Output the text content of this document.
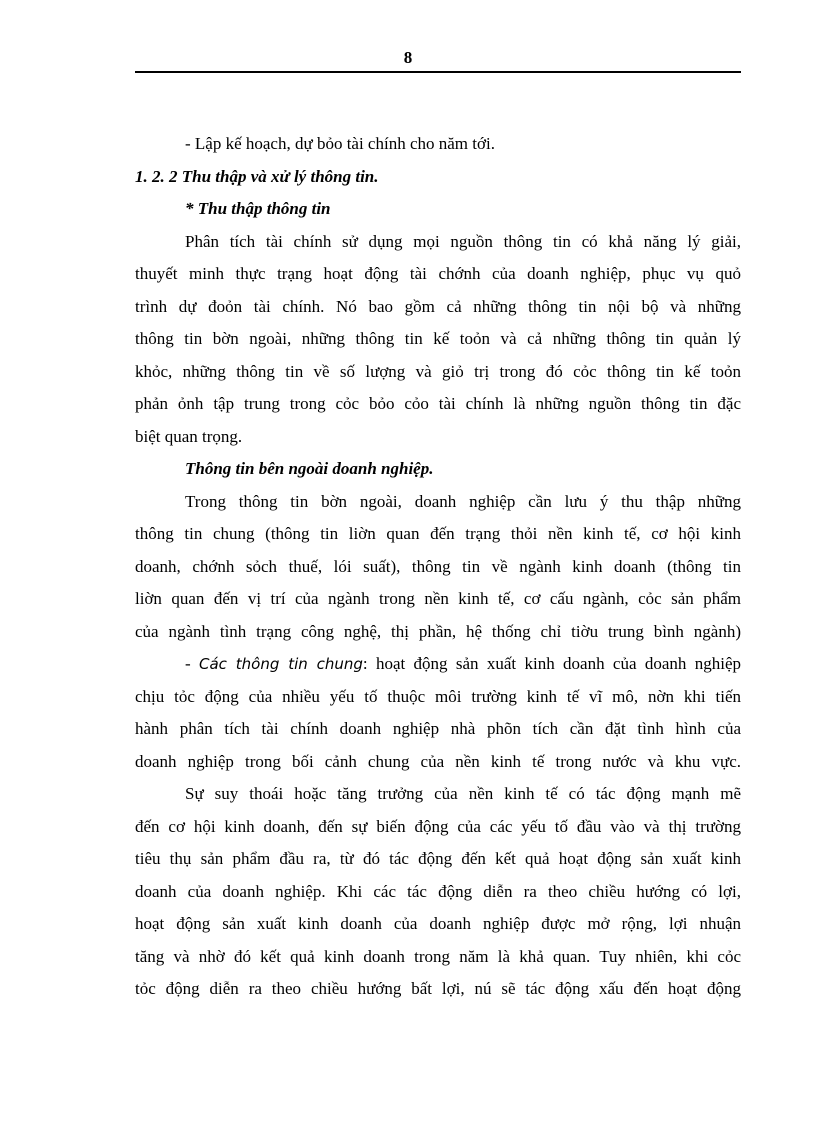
8
- Lập kế hoạch, dự bỏo tài chính cho năm tới.
1. 2. 2 Thu thập và xử lý thông tin.
* Thu thập thông tin
Phân tích tài chính sử dụng mọi nguồn thông tin có khả năng lý giải,
thuyết minh thực trạng hoạt động tài chớnh của doanh nghiệp, phục vụ quỏ
trình dự đoỏn tài chính. Nó bao gồm cả những thông tin nội bộ và những
thông tin bờn ngoài, những thông tin kế toỏn và cả những thông tin quản lý
khỏc, những thông tin về số lượng và giỏ trị trong đó cỏc thông tin kế toỏn
phản ỏnh tập trung trong cỏc bỏo cỏo tài chính là những nguồn thông tin đặc
biệt quan trọng.
Thông tin bên ngoài doanh nghiệp.
Trong thông tin bờn ngoài, doanh nghiệp cần lưu ý thu thập những
thông tin chung (thông tin liờn quan đến trạng thỏi nền kinh tế, cơ hội kinh
doanh, chớnh sỏch thuế, lói suất), thông tin về ngành kinh doanh (thông tin
liờn quan đến vị trí của ngành trong nền kinh tế, cơ cấu ngành, cỏc sản phẩm
của ngành tình trạng công nghệ, thị phần, hệ thống chỉ tiờu trung bình ngành)
- Các thông tin chung: hoạt động sản xuất kinh doanh của doanh nghiệp
chịu tỏc động của nhiều yếu tố thuộc môi trường kinh tế vĩ mô, nờn khi tiến
hành phân tích tài chính doanh nghiệp nhà phõn tích cần đặt tình hình của
doanh nghiệp trong bối cảnh chung của nền kinh tế trong nước và khu vực.
Sự suy thoái hoặc tăng trưởng của nền kinh tế có tác động mạnh mẽ
đến cơ hội kinh doanh, đến sự biến động của các yếu tố đầu vào và thị trường
tiêu thụ sản phẩm đầu ra, từ đó tác động đến kết quả hoạt động sản xuất kinh
doanh của doanh nghiệp. Khi các tác động diễn ra theo chiều hướng có lợi,
hoạt động sản xuất kinh doanh của doanh nghiệp được mở rộng, lợi nhuận
tăng và nhờ đó kết quả kinh doanh trong năm là khả quan. Tuy nhiên, khi cỏc
tỏc động diễn ra theo chiều hướng bất lợi, nú sẽ tác động xấu đến hoạt động
